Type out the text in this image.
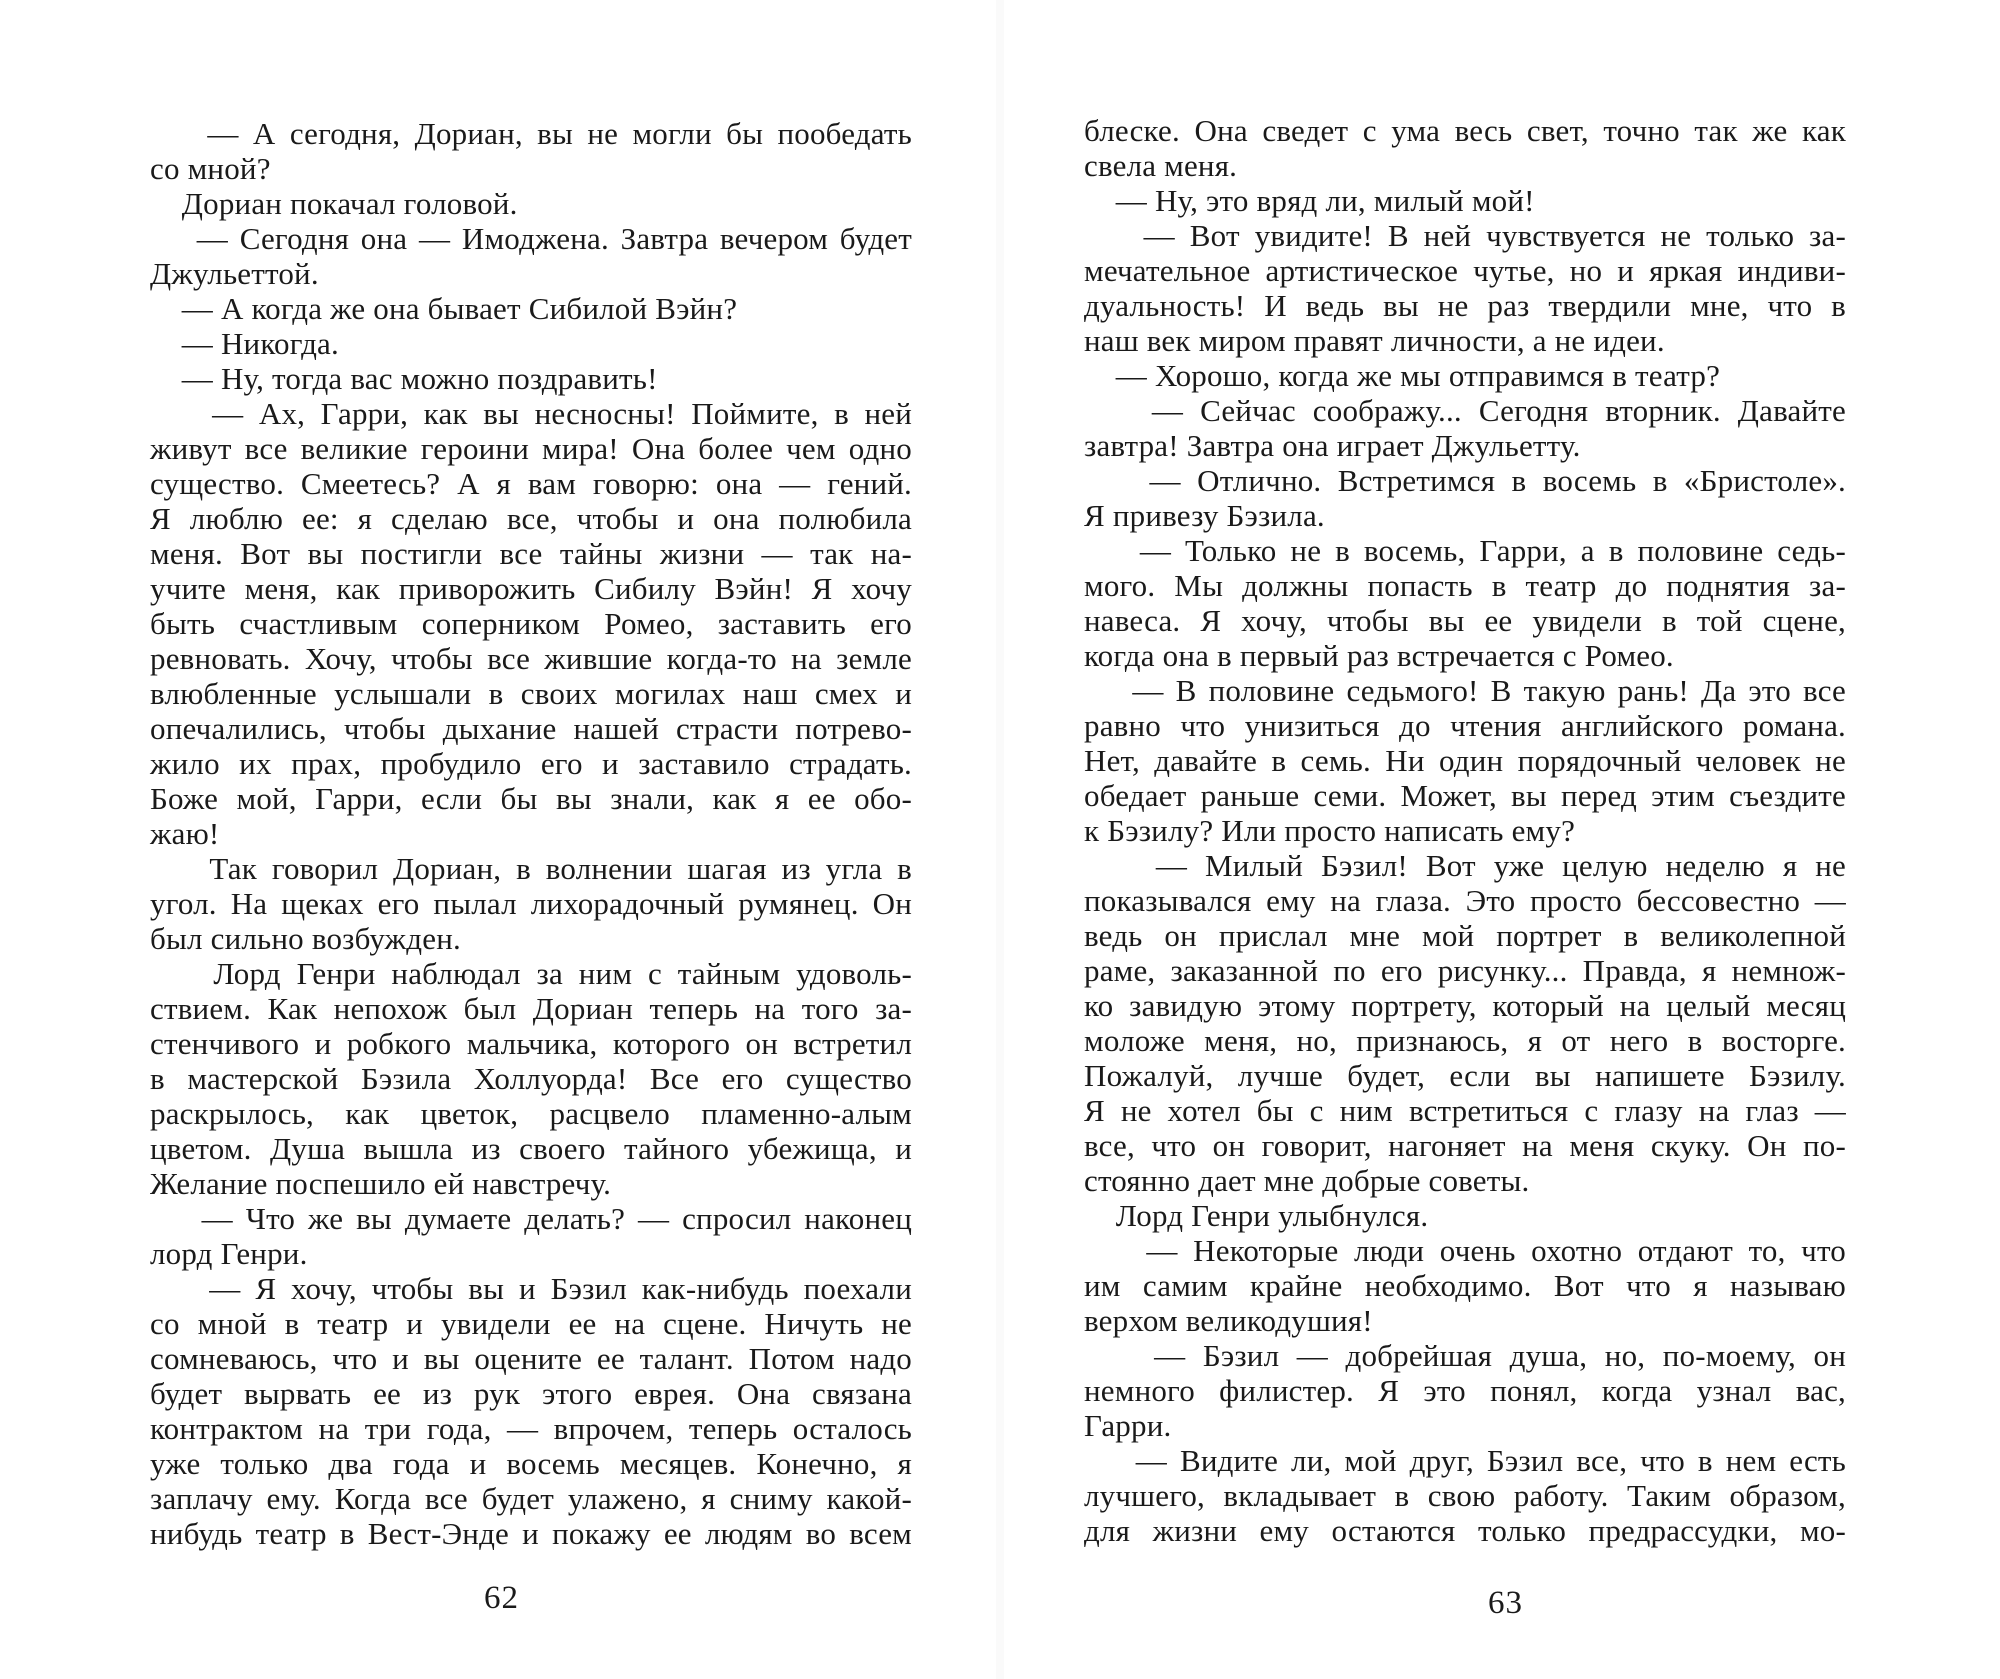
— А сегодня, Дориан, вы не могли бы пообедать
со мной?
Дориан покачал головой.
— Сегодня она — Имоджена. Завтра вечером будет
Джульеттой.
— А когда же она бывает Сибилой Вэйн?
— Никогда.
— Ну, тогда вас можно поздравить!
— Ах, Гарри, как вы несносны! Поймите, в ней
живут все великие героини мира! Она более чем одно
существо. Смеетесь? А я вам говорю: она — гений.
Я люблю ее: я сделаю все, чтобы и она полюбила
меня. Вот вы постигли все тайны жизни — так на-
учите меня, как приворожить Сибилу Вэйн! Я хочу
быть счастливым соперником Ромео, заставить его
ревновать. Хочу, чтобы все жившие когда-то на земле
влюбленные услышали в своих могилах наш смех и
опечалились, чтобы дыхание нашей страсти потрево-
жило их прах, пробудило его и заставило страдать.
Боже мой, Гарри, если бы вы знали, как я ее обо-
жаю!
Так говорил Дориан, в волнении шагая из угла в
угол. На щеках его пылал лихорадочный румянец. Он
был сильно возбужден.
Лорд Генри наблюдал за ним с тайным удоволь-
ствием. Как непохож был Дориан теперь на того за-
стенчивого и робкого мальчика, которого он встретил
в мастерской Бэзила Холлуорда! Все его существо
раскрылось, как цветок, расцвело пламенно-алым
цветом. Душа вышла из своего тайного убежища, и
Желание поспешило ей навстречу.
— Что же вы думаете делать? — спросил наконец
лорд Генри.
— Я хочу, чтобы вы и Бэзил как-нибудь поехали
со мной в театр и увидели ее на сцене. Ничуть не
сомневаюсь, что и вы оцените ее талант. Потом надо
будет вырвать ее из рук этого еврея. Она связана
контрактом на три года, — впрочем, теперь осталось
уже только два года и восемь месяцев. Конечно, я
заплачу ему. Когда все будет улажено, я сниму какой-
нибудь театр в Вест-Энде и покажу ее людям во всем
62
блеске. Она сведет с ума весь свет, точно так же как
свела меня.
— Ну, это вряд ли, милый мой!
— Вот увидите! В ней чувствуется не только за-
мечательное артистическое чутье, но и яркая индиви-
дуальность! И ведь вы не раз твердили мне, что в
наш век миром правят личности, а не идеи.
— Хорошо, когда же мы отправимся в театр?
— Сейчас соображу... Сегодня вторник. Давайте
завтра! Завтра она играет Джульетту.
— Отлично. Встретимся в восемь в «Бристоле».
Я привезу Бэзила.
— Только не в восемь, Гарри, а в половине седь-
мого. Мы должны попасть в театр до поднятия за-
навеса. Я хочу, чтобы вы ее увидели в той сцене,
когда она в первый раз встречается с Ромео.
— В половине седьмого! В такую рань! Да это все
равно что унизиться до чтения английского романа.
Нет, давайте в семь. Ни один порядочный человек не
обедает раньше семи. Может, вы перед этим съездите
к Бэзилу? Или просто написать ему?
— Милый Бэзил! Вот уже целую неделю я не
показывался ему на глаза. Это просто бессовестно —
ведь он прислал мне мой портрет в великолепной
раме, заказанной по его рисунку... Правда, я немнож-
ко завидую этому портрету, который на целый месяц
моложе меня, но, признаюсь, я от него в восторге.
Пожалуй, лучше будет, если вы напишете Бэзилу.
Я не хотел бы с ним встретиться с глазу на глаз —
все, что он говорит, нагоняет на меня скуку. Он по-
стоянно дает мне добрые советы.
Лорд Генри улыбнулся.
— Некоторые люди очень охотно отдают то, что
им самим крайне необходимо. Вот что я называю
верхом великодушия!
— Бэзил — добрейшая душа, но, по-моему, он
немного филистер. Я это понял, когда узнал вас,
Гарри.
— Видите ли, мой друг, Бэзил все, что в нем есть
лучшего, вкладывает в свою работу. Таким образом,
для жизни ему остаются только предрассудки, мо-
63
